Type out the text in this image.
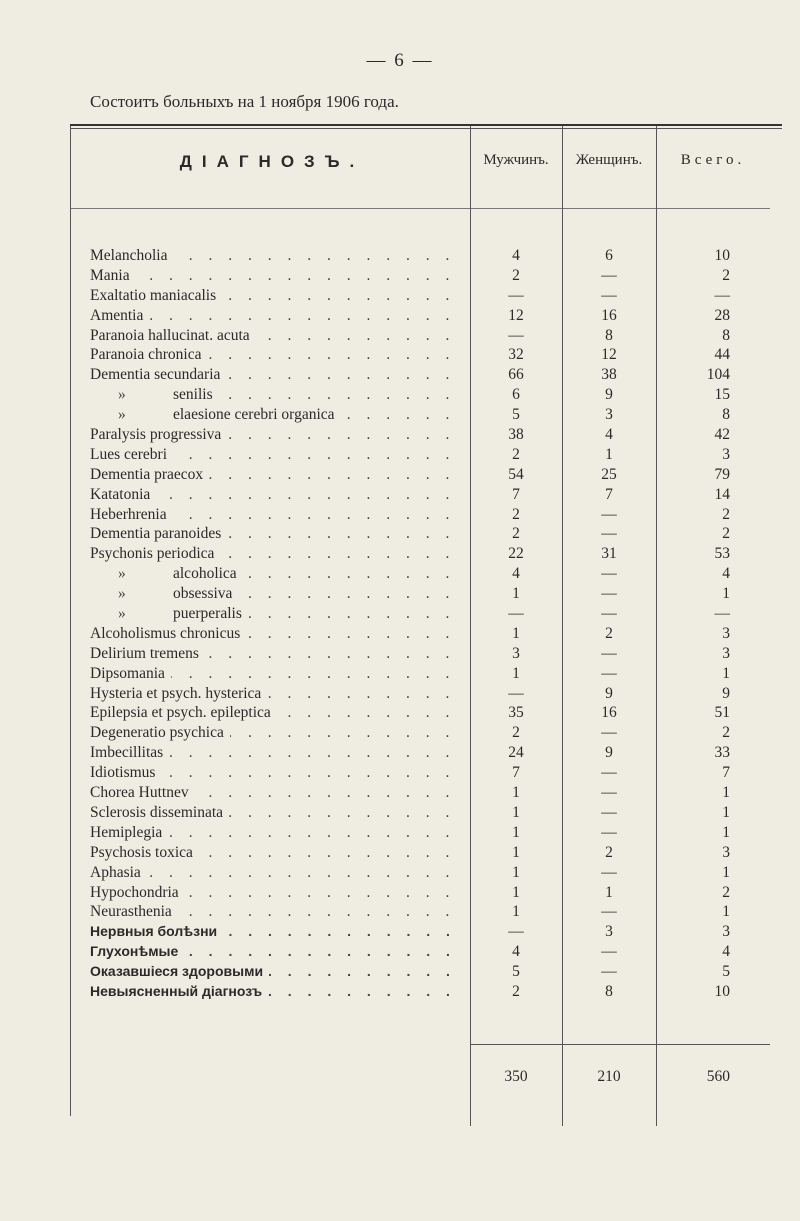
— 6 —
Состоитъ больныхъ на 1 ноября 1906 года.
ДІАГНОЗЪ.	Мужчинъ.	Женщинъ.	Всего.
Melancholia . . .	4	6	10
Mania . . .	2	—	2
Exaltatio maniacalis . . .	—	—	—
Amentia . . .	12	16	28
Paranoia hallucinat. acuta . . .	—	8	8
Paranoia chronica . . .	32	12	44
Dementia secundaria . . .	66	38	104
»	senilis . . .	6	9	15
»	elaesione cerebri organica . . .	5	3	8
Paralysis progressiva . . .	38	4	42
Lues cerebri . . .	2	1	3
Dementia praecox . . .	54	25	79
Katatonia . . .	7	7	14
Heberhrenia . . .	2	—	2
Dementia paranoides . . .	2	—	2
Psychonis periodica . . .	22	31	53
»	alcoholica . . .	4	—	4
»	obsessiva . . .	1	—	1
»	puerperalis . . .	—	—	—
Alcoholismus chronicus . . .	1	2	3
Delirium tremens . . .	3	—	3
Dipsomania . . .	1	—	1
Hysteria et psych. hysterica . . .	—	9	9
Epilepsia et psych. epileptica . . .	35	16	51
Degeneratio psychica . . .	2	—	2
Imbecillitas . . .	24	9	33
Idiotismus . . .	7	—	7
Chorea Huttnev . . .	1	—	1
Sclerosis disseminata . . .	1	—	1
Hemiplegia . . .	1	—	1
Psychosis toxica . . .	1	2	3
Aphasia . . .	1	—	1
Hypochondria . . .	1	1	2
Neurasthenia . . .	1	—	1
Нервныя болѣзни . . .	—	3	3
Глухонѣмые . . .	4	—	4
Оказавшіеся здоровыми . . .	5	—	5
Невыясненный діагнозъ . . .	2	8	10
350	210	560
